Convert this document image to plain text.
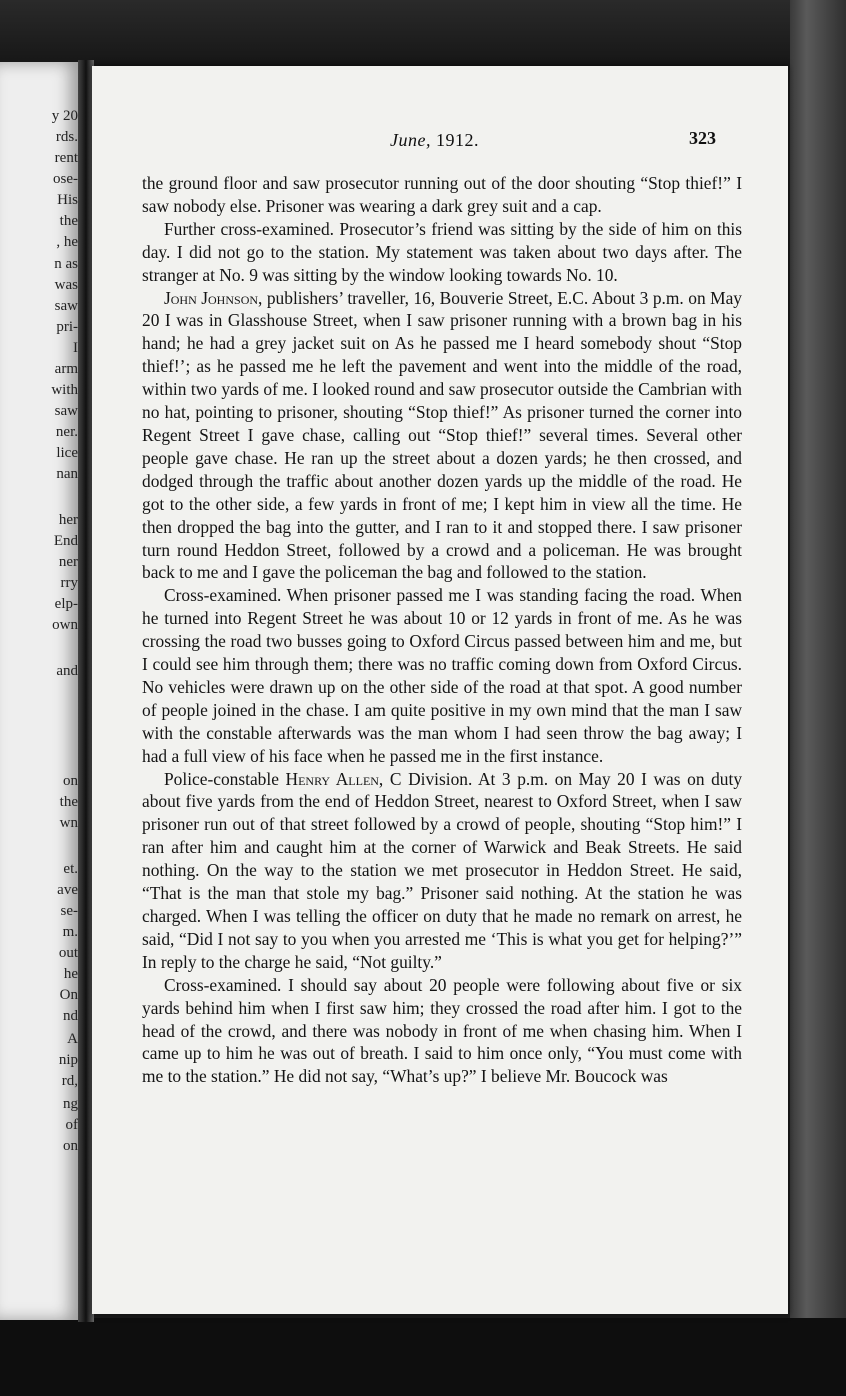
y 20
rds.
rent
ose-
His
the
, he
n as
was
saw
pri-
I
arm
with
saw
ner.
lice
nan
her
End
ner
rry
elp-
own
and
on
the
wn
et.
ave
se-
m.
out
he
On
nd
A
nip
rd,
ng
of
on
June, 1912.	323

the ground floor and saw prosecutor running out of the door shouting “Stop thief!” I saw nobody else. Prisoner was wearing a dark grey suit and a cap.

Further cross-examined. Prosecutor’s friend was sitting by the side of him on this day. I did not go to the station. My statement was taken about two days after. The stranger at No. 9 was sitting by the window looking towards No. 10.

John Johnson, publishers’ traveller, 16, Bouverie Street, E.C. About 3 p.m. on May 20 I was in Glasshouse Street, when I saw prisoner running with a brown bag in his hand; he had a grey jacket suit on As he passed me I heard somebody shout “Stop thief!’; as he passed me he left the pavement and went into the middle of the road, within two yards of me. I looked round and saw prosecutor outside the Cambrian with no hat, pointing to prisoner, shouting “Stop thief!” As prisoner turned the corner into Regent Street I gave chase, calling out “Stop thief!” several times. Several other people gave chase. He ran up the street about a dozen yards; he then crossed, and dodged through the traffic about another dozen yards up the middle of the road. He got to the other side, a few yards in front of me; I kept him in view all the time. He then dropped the bag into the gutter, and I ran to it and stopped there. I saw prisoner turn round Heddon Street, followed by a crowd and a policeman. He was brought back to me and I gave the policeman the bag and followed to the station.

Cross-examined. When prisoner passed me I was standing facing the road. When he turned into Regent Street he was about 10 or 12 yards in front of me. As he was crossing the road two busses going to Oxford Circus passed between him and me, but I could see him through them; there was no traffic coming down from Oxford Circus. No vehicles were drawn up on the other side of the road at that spot. A good number of people joined in the chase. I am quite positive in my own mind that the man I saw with the constable afterwards was the man whom I had seen throw the bag away; I had a full view of his face when he passed me in the first instance.

Police-constable Henry Allen, C Division. At 3 p.m. on May 20 I was on duty about five yards from the end of Heddon Street, nearest to Oxford Street, when I saw prisoner run out of that street followed by a crowd of people, shouting “Stop him!” I ran after him and caught him at the corner of Warwick and Beak Streets. He said nothing. On the way to the station we met prosecutor in Heddon Street. He said, “That is the man that stole my bag.” Prisoner said nothing. At the station he was charged. When I was telling the officer on duty that he made no remark on arrest, he said, “Did I not say to you when you arrested me ‘This is what you get for helping?’” In reply to the charge he said, “Not guilty.”

Cross-examined. I should say about 20 people were following about five or six yards behind him when I first saw him; they crossed the road after him. I got to the head of the crowd, and there was nobody in front of me when chasing him. When I came up to him he was out of breath. I said to him once only, “You must come with me to the station.” He did not say, “What’s up?” I believe Mr. Boucock was
